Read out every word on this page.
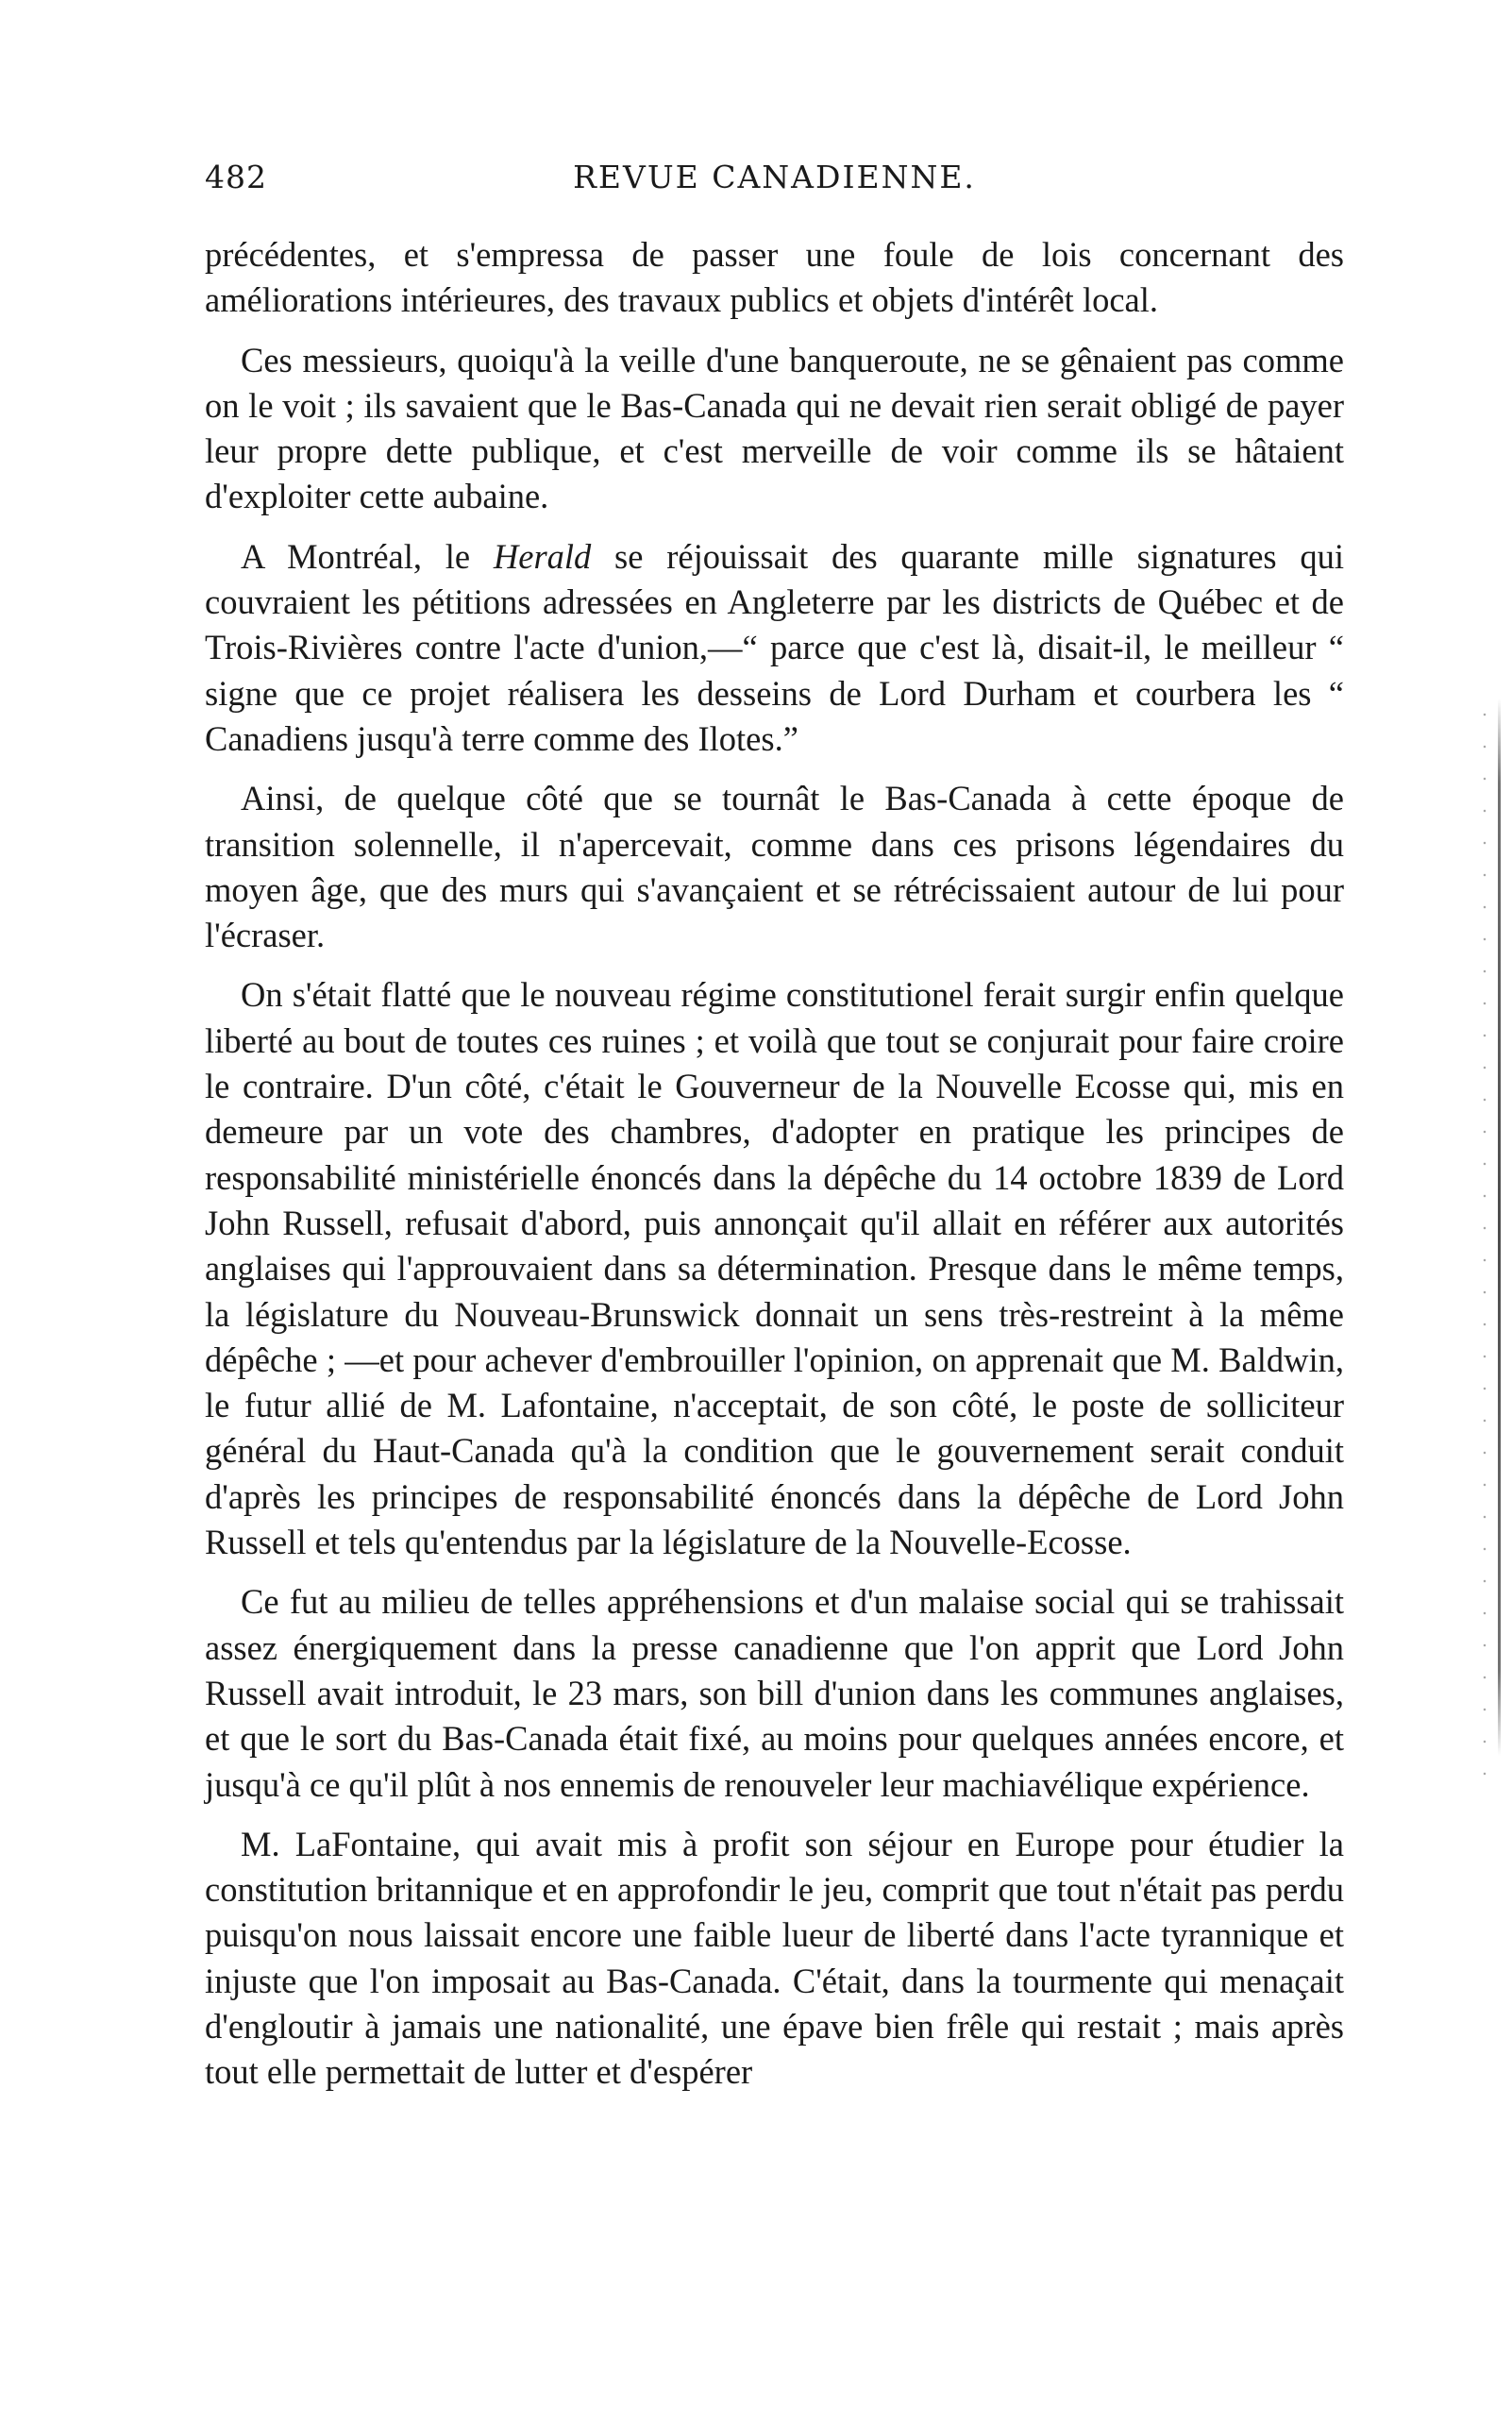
482	REVUE CANADIENNE.

précédentes, et s'empressa de passer une foule de lois concernant des améliorations intérieures, des travaux publics et objets d'intérêt local.

Ces messieurs, quoiqu'à la veille d'une banqueroute, ne se gênaient pas comme on le voit ; ils savaient que le Bas-Canada qui ne devait rien serait obligé de payer leur propre dette publique, et c'est merveille de voir comme ils se hâtaient d'exploiter cette aubaine.

A Montréal, le Herald se réjouissait des quarante mille signatures qui couvraient les pétitions adressées en Angleterre par les districts de Québec et de Trois-Rivières contre l'acte d'union,—“ parce que c'est là, disait-il, le meilleur “ signe que ce projet réalisera les desseins de Lord Durham et courbera les “ Canadiens jusqu'à terre comme des Ilotes.”

Ainsi, de quelque côté que se tournât le Bas-Canada à cette époque de transition solennelle, il n'apercevait, comme dans ces prisons légendaires du moyen âge, que des murs qui s'avançaient et se rétrécissaient autour de lui pour l'écraser.

On s'était flatté que le nouveau régime constitutionel ferait surgir enfin quelque liberté au bout de toutes ces ruines ; et voilà que tout se conjurait pour faire croire le contraire. D'un côté, c'était le Gouverneur de la Nouvelle Ecosse qui, mis en demeure par un vote des chambres, d'adopter en pratique les principes de responsabilité ministérielle énoncés dans la dépêche du 14 octobre 1839 de Lord John Russell, refusait d'abord, puis annonçait qu'il allait en référer aux autorités anglaises qui l'approuvaient dans sa détermination. Presque dans le même temps, la législature du Nouveau-Brunswick donnait un sens très-restreint à la même dépêche ; —et pour achever d'embrouiller l'opinion, on apprenait que M. Baldwin, le futur allié de M. Lafontaine, n'acceptait, de son côté, le poste de solliciteur général du Haut-Canada qu'à la condition que le gouvernement serait conduit d'après les principes de responsabilité énoncés dans la dépêche de Lord John Russell et tels qu'entendus par la législature de la Nouvelle-Ecosse.

Ce fut au milieu de telles appréhensions et d'un malaise social qui se trahissait assez énergiquement dans la presse canadienne que l'on apprit que Lord John Russell avait introduit, le 23 mars, son bill d'union dans les communes anglaises, et que le sort du Bas-Canada était fixé, au moins pour quelques années encore, et jusqu'à ce qu'il plût à nos ennemis de renouveler leur machiavélique expérience.

M. LaFontaine, qui avait mis à profit son séjour en Europe pour étudier la constitution britannique et en approfondir le jeu, comprit que tout n'était pas perdu puisqu'on nous laissait encore une faible lueur de liberté dans l'acte tyrannique et injuste que l'on imposait au Bas-Canada. C'était, dans la tourmente qui menaçait d'engloutir à jamais une nationalité, une épave bien frêle qui restait ; mais après tout elle permettait de lutter et d'espérer
